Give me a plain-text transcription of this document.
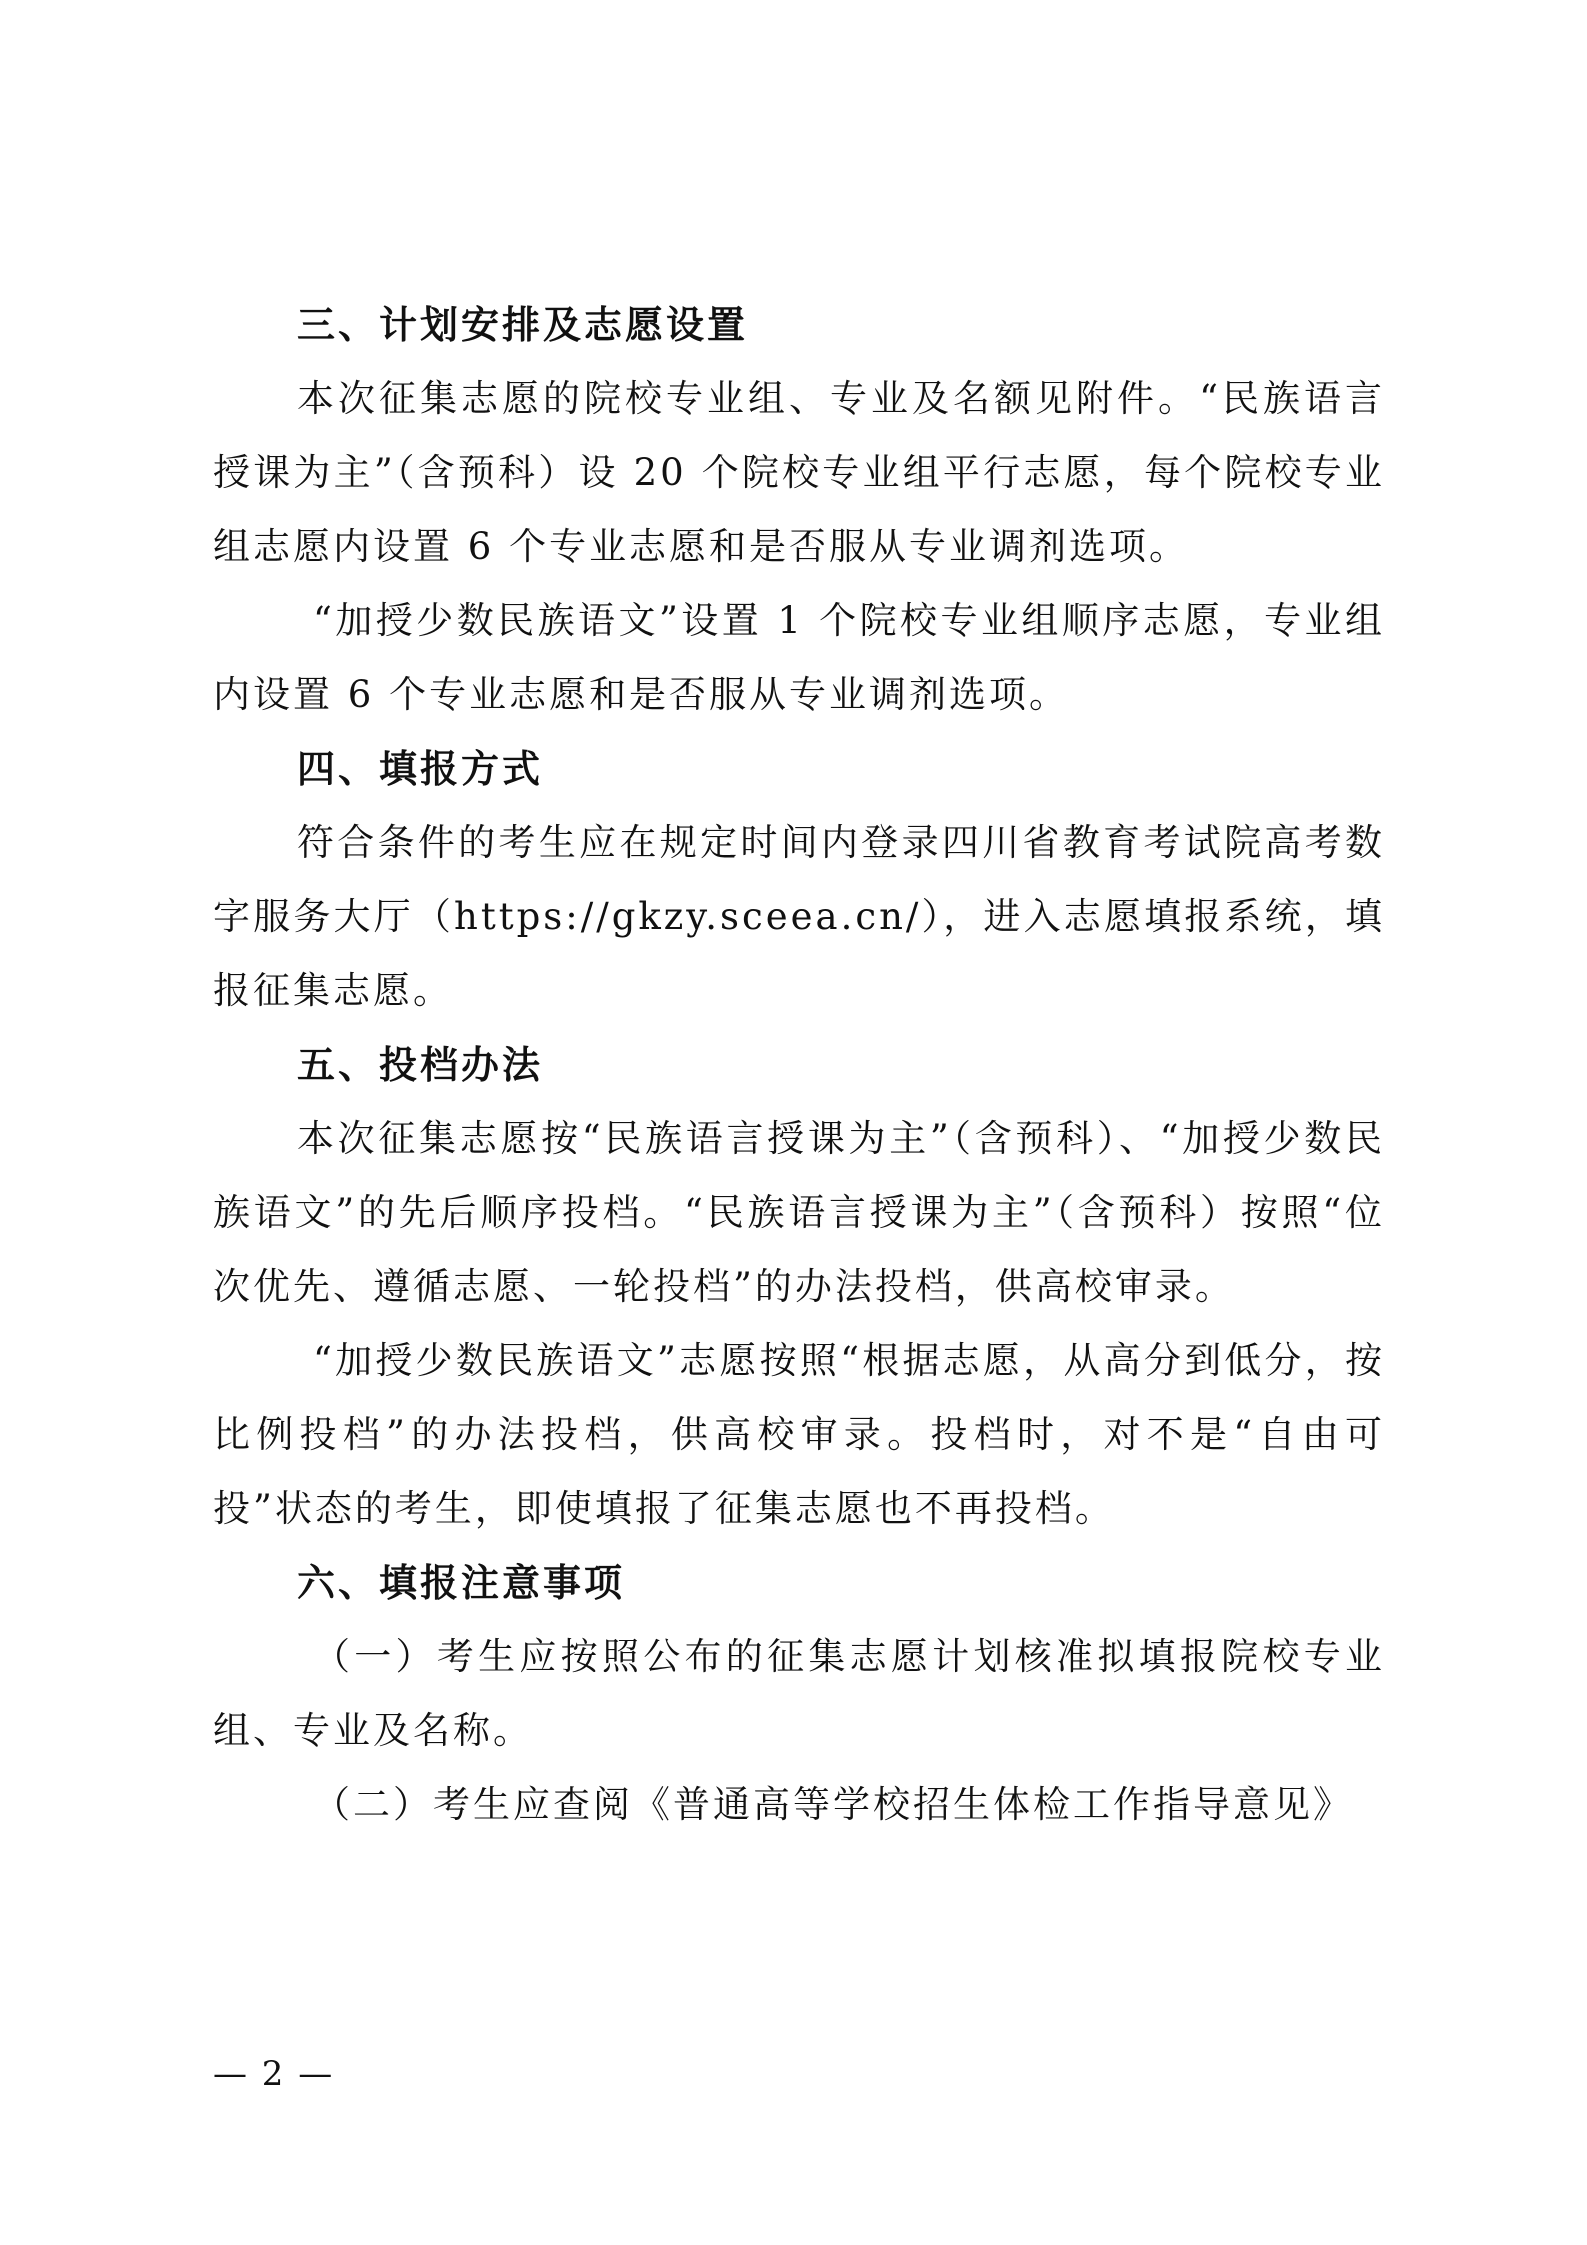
三、计划安排及志愿设置
本次征集志愿的院校专业组、专业及名额见附件。“民族语言授课为主”（含预科）设 20 个院校专业组平行志愿，每个院校专业组志愿内设置 6 个专业志愿和是否服从专业调剂选项。
“加授少数民族语文”设置 1 个院校专业组顺序志愿，专业组内设置 6 个专业志愿和是否服从专业调剂选项。
四、填报方式
符合条件的考生应在规定时间内登录四川省教育考试院高考数字服务大厅（https://gkzy.sceea.cn/），进入志愿填报系统，填报征集志愿。
五、投档办法
本次征集志愿按“民族语言授课为主”（含预科）、“加授少数民族语文”的先后顺序投档。“民族语言授课为主”（含预科）按照“位次优先、遵循志愿、一轮投档”的办法投档，供高校审录。
“加授少数民族语文”志愿按照“根据志愿，从高分到低分，按比例投档”的办法投档，供高校审录。投档时，对不是“自由可投”状态的考生，即使填报了征集志愿也不再投档。
六、填报注意事项
（一）考生应按照公布的征集志愿计划核准拟填报院校专业组、专业及名称。
（二）考生应查阅《普通高等学校招生体检工作指导意见》
— 2 —
